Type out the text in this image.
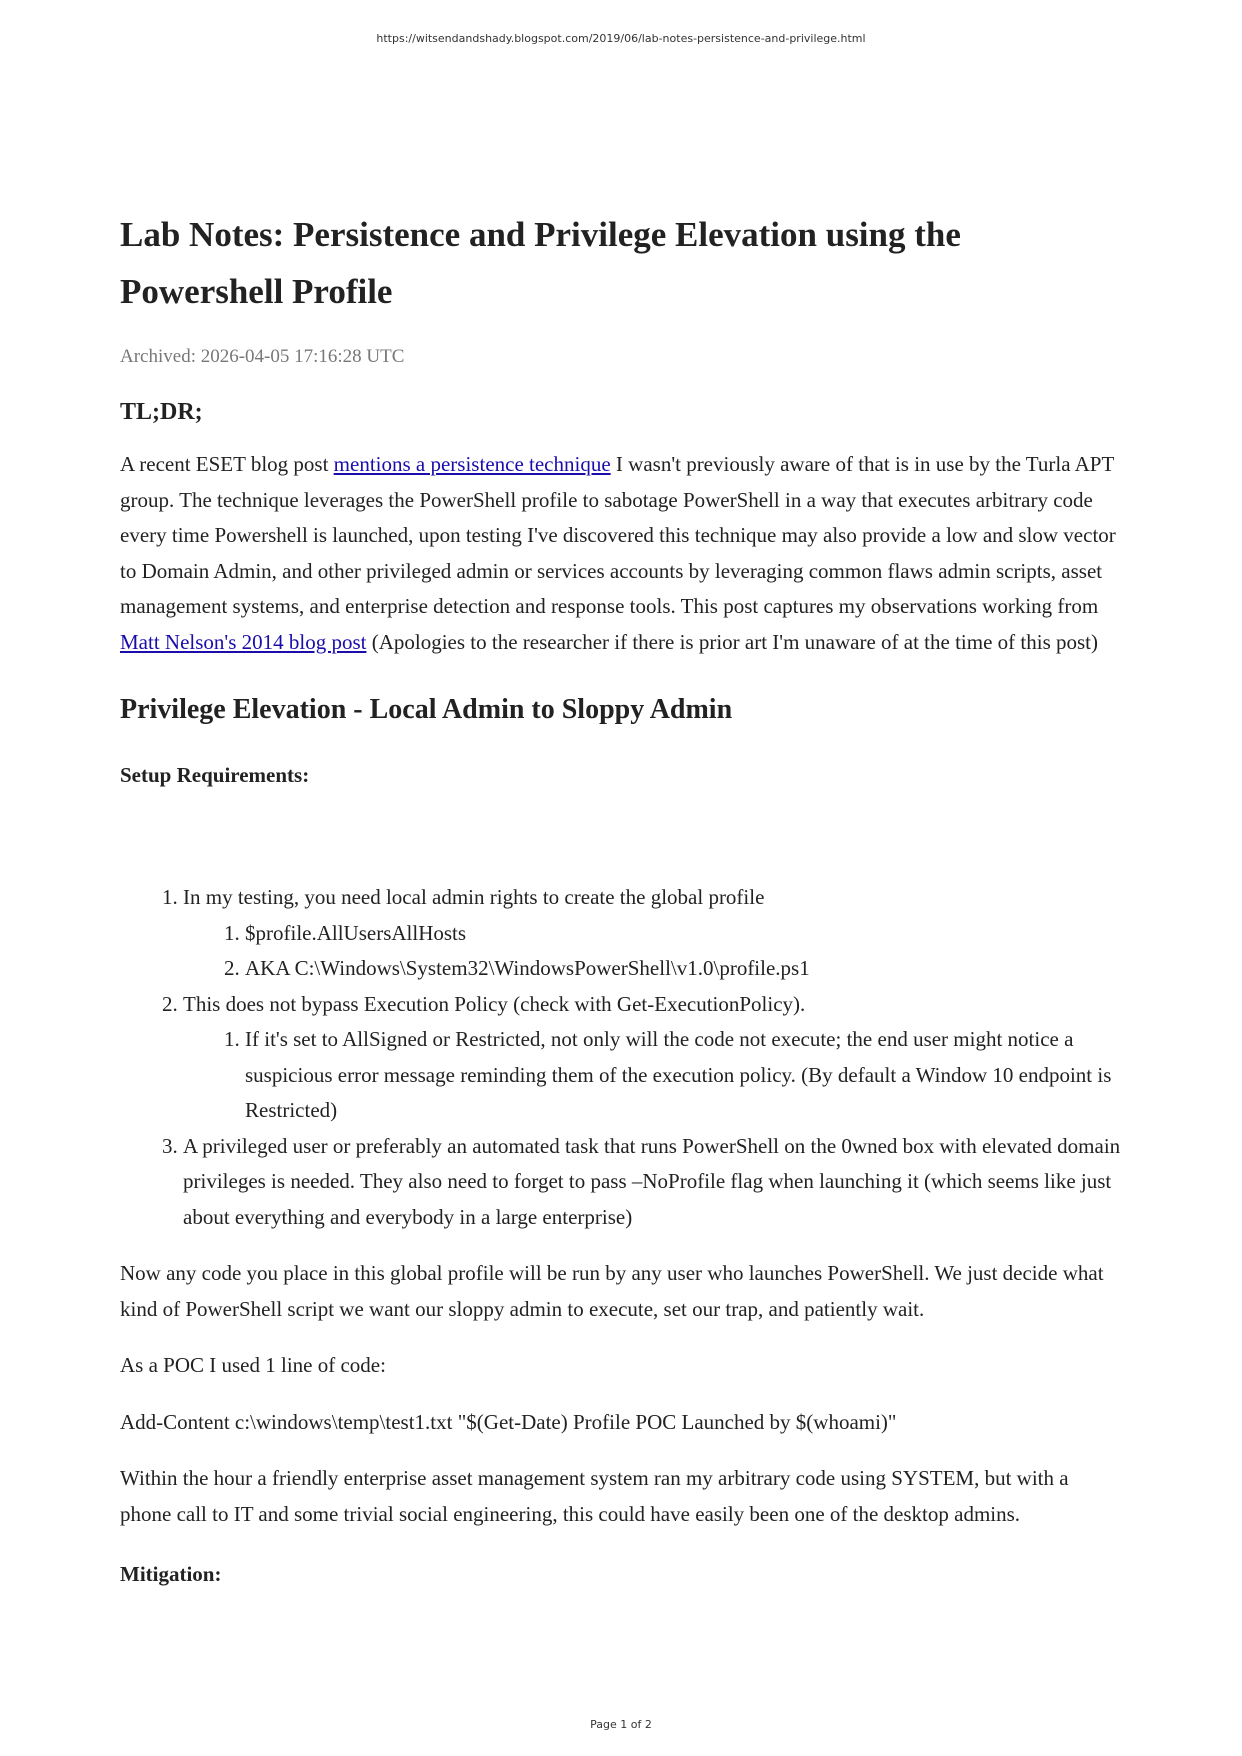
https://witsendandshady.blogspot.com/2019/06/lab-notes-persistence-and-privilege.html
Lab Notes: Persistence and Privilege Elevation using the
Powershell Profile
Archived: 2026-04-05 17:16:28 UTC
TL;DR;

A recent ESET blog post mentions a persistence technique I wasn't previously aware of that is in use by the Turla APT group. The technique leverages the PowerShell profile to sabotage PowerShell in a way that executes arbitrary code every time Powershell is launched, upon testing I've discovered this technique may also provide a low and slow vector to Domain Admin, and other privileged admin or services accounts by leveraging common flaws admin scripts, asset management systems, and enterprise detection and response tools. This post captures my observations working from Matt Nelson's 2014 blog post (Apologies to the researcher if there is prior art I'm unaware of at the time of this post)

Privilege Elevation - Local Admin to Sloppy Admin
Setup Requirements:
1. In my testing, you need local admin rights to create the global profile
1. $profile.AllUsersAllHosts
2. AKA C:\Windows\System32\WindowsPowerShell\v1.0\profile.ps1
2. This does not bypass Execution Policy (check with Get-ExecutionPolicy).
1. If it's set to AllSigned or Restricted, not only will the code not execute; the end user might notice a suspicious error message reminding them of the execution policy. (By default a Window 10 endpoint is Restricted)
3. A privileged user or preferably an automated task that runs PowerShell on the 0wned box with elevated domain privileges is needed. They also need to forget to pass –NoProfile flag when launching it (which seems like just about everything and everybody in a large enterprise)

Now any code you place in this global profile will be run by any user who launches PowerShell. We just decide what kind of PowerShell script we want our sloppy admin to execute, set our trap, and patiently wait.

As a POC I used 1 line of code:

Add-Content c:\windows\temp\test1.txt "$(Get-Date) Profile POC Launched by $(whoami)"

Within the hour a friendly enterprise asset management system ran my arbitrary code using SYSTEM, but with a phone call to IT and some trivial social engineering, this could have easily been one of the desktop admins.

Mitigation:
Page 1 of 2
